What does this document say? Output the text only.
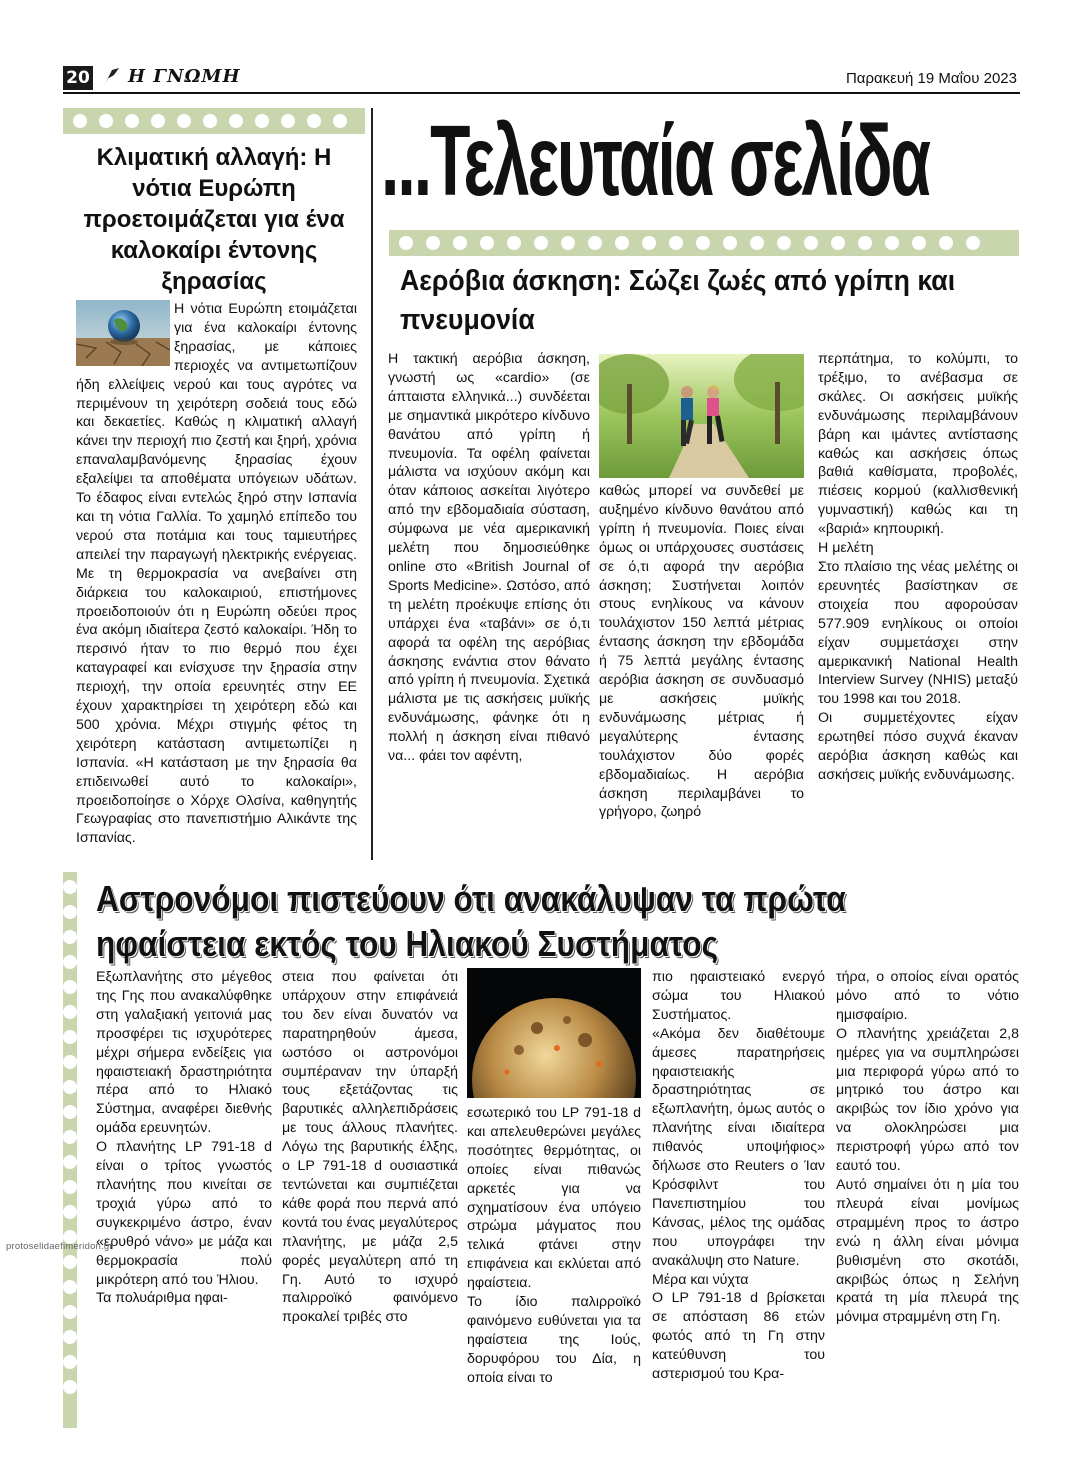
20 Η ΓΝΩΜΗ	Παρακευή 19 Μαΐου 2023
...Τελευταία σελίδα
Κλιματική αλλαγή: Η νότια Ευρώπη προετοιμάζεται για ένα καλοκαίρι έντονης ξηρασίας
Η νότια Ευρώπη ετοιμάζεται για ένα καλοκαίρι έντονης ξηρασίας, με κάποιες περιοχές να αντιμετωπίζουν ήδη ελλείψεις νερού και τους αγρότες να περιμένουν τη χειρότερη σοδειά τους εδώ και δεκαετίες. Καθώς η κλιματική αλλαγή κάνει την περιοχή πιο ζεστή και ξηρή, χρόνια επαναλαμβανόμενης ξηρασίας έχουν εξαλείψει τα αποθέματα υπόγειων υδάτων. Το έδαφος είναι εντελώς ξηρό στην Ισπανία και τη νότια Γαλλία. Το χαμηλό επίπεδο του νερού στα ποτάμια και τους ταμιευτήρες απειλεί την παραγωγή ηλεκτρικής ενέργειας. Με τη θερμοκρασία να ανεβαίνει στη διάρκεια του καλοκαιριού, επιστήμονες προειδοποιούν ότι η Ευρώπη οδεύει προς ένα ακόμη ιδιαίτερα ζεστό καλοκαίρι. Ήδη το περσινό ήταν το πιο θερμό που έχει καταγραφεί και ενίσχυσε την ξηρασία στην περιοχή, την οποία ερευνητές στην ΕΕ έχουν χαρακτηρίσει τη χειρότερη εδώ και 500 χρόνια. Μέχρι στιγμής φέτος τη χειρότερη κατάσταση αντιμετωπίζει η Ισπανία. «Η κατάσταση με την ξηρασία θα επιδεινωθεί αυτό το καλοκαίρι», προειδοποίησε ο Χόρχε Ολσίνα, καθηγητής Γεωγραφίας στο πανεπιστήμιο Αλικάντε της Ισπανίας.
Αερόβια άσκηση: Σώζει ζωές από γρίπη και πνευμονία
Η τακτική αερόβια άσκηση, γνωστή ως «cardio» (σε άπταιστα ελληνικά...) συνδέεται με σημαντικά μικρότερο κίνδυνο θανάτου από γρίπη ή πνευμονία. Τα οφέλη φαίνεται μάλιστα να ισχύουν ακόμη και όταν κάποιος ασκείται λιγότερο από την εβδομαδιαία σύσταση, σύμφωνα με νέα αμερικανική μελέτη που δημοσιεύθηκε online στο «British Journal of Sports Medicine». Ωστόσο, από τη μελέτη προέκυψε επίσης ότι υπάρχει ένα «ταβάνι» σε ό,τι αφορά τα οφέλη της αερόβιας άσκησης ενάντια στον θάνατο από γρίπη ή πνευμονία. Σχετικά μάλιστα με τις ασκήσεις μυϊκής ενδυνάμωσης, φάνηκε ότι η πολλή η άσκηση είναι πιθανό να... φάει τον αφέντη,
καθώς μπορεί να συνδεθεί με αυξημένο κίνδυνο θανάτου από γρίπη ή πνευμονία. Ποιες είναι όμως οι υπάρχουσες συστάσεις σε ό,τι αφορά την αερόβια άσκηση; Συστήνεται λοιπόν στους ενηλίκους να κάνουν τουλάχιστον 150 λεπτά μέτριας έντασης άσκηση την εβδομάδα ή 75 λεπτά μεγάλης έντασης αερόβια άσκηση σε συνδυασμό με ασκήσεις μυϊκής ενδυνάμωσης μέτριας ή μεγαλύτερης έντασης τουλάχιστον δύο φορές εβδομαδιαίως. Η αερόβια άσκηση περιλαμβάνει το γρήγορο, ζωηρό

περπάτημα, το κολύμπι, το τρέξιμο, το ανέβασμα σε σκάλες. Οι ασκήσεις μυϊκής ενδυνάμωσης περιλαμβάνουν βάρη και ιμάντες αντίστασης καθώς και ασκήσεις όπως βαθιά καθίσματα, προβολές, πιέσεις κορμού (καλλισθενική γυμναστική) καθώς και τη «βαριά» κηπουρική.

Η μελέτη

Στο πλαίσιο της νέας μελέτης οι ερευνητές βασίστηκαν σε στοιχεία που αφορούσαν 577.909 ενηλίκους οι οποίοι είχαν συμμετάσχει στην αμερικανική National Health Interview Survey (NHIS) μεταξύ του 1998 και του 2018.

Οι συμμετέχοντες είχαν ερωτηθεί πόσο συχνά έκαναν αερόβια άσκηση καθώς και ασκήσεις μυϊκής ενδυνάμωσης.

Αστρονόμοι πιστεύουν ότι ανακάλυψαν τα πρώτα
ηφαίστεια εκτός του Ηλιακού Συστήματος

Εξωπλανήτης στο μέγεθος της Γης που ανακαλύφθηκε στη γαλαξιακή γειτονιά μας προσφέρει τις ισχυρότερες μέχρι σήμερα ενδείξεις για ηφαιστειακή δραστηριότητα πέρα από το Ηλιακό Σύστημα, αναφέρει διεθνής ομάδα ερευνητών.

Ο πλανήτης LP 791-18 d είναι ο τρίτος γνωστός πλανήτης που κινείται σε τροχιά γύρω από το συγκεκριμένο άστρο, έναν «ερυθρό νάνο» με μάζα και θερμοκρασία πολύ μικρότερη από του Ήλιου.

Τα πολυάριθμα ηφαι-

στεια που φαίνεται ότι υπάρχουν στην επιφάνειά του δεν είναι δυνατόν να παρατηρηθούν άμεσα, ωστόσο οι αστρονόμοι συμπέραναν την ύπαρξή τους εξετάζοντας τις βαρυτικές αλληλεπιδράσεις με τους άλλους πλανήτες. Λόγω της βαρυτικής έλξης, ο LP 791-18 d ουσιαστικά τεντώνεται και συμπιέζεται κάθε φορά που περνά από κοντά του ένας μεγαλύτερος πλανήτης, με μάζα 2,5 φορές μεγαλύτερη από τη Γη. Αυτό το ισχυρό παλιρροϊκό φαινόμενο προκαλεί τριβές στο

εσωτερικό του LP 791-18 d και απελευθερώνει μεγάλες ποσότητες θερμότητας, οι οποίες είναι πιθανώς αρκετές για να σχηματίσουν ένα υπόγειο στρώμα μάγματος που τελικά φτάνει στην επιφάνεια και εκλύεται από ηφαίστεια.

Το ίδιο παλιρροϊκό φαινόμενο ευθύνεται για τα ηφαίστεια της Ιούς, δορυφόρου του Δία, η οποία είναι το

πιο ηφαιστειακό ενεργό σώμα του Ηλιακού Συστήματος.

«Ακόμα δεν διαθέτουμε άμεσες παρατηρήσεις ηφαιστειακής δραστηριότητας σε εξωπλανήτη, όμως αυτός ο πλανήτης είναι ιδιαίτερα πιθανός υποψήφιος» δήλωσε στο Reuters ο Ίαν Κρόσφιλντ του Πανεπιστημίου του Κάνσας, μέλος της ομάδας που υπογράφει την ανακάλυψη στο Nature.

Μέρα και νύχτα

Ο LP 791-18 d βρίσκεται σε απόσταση 86 ετών φωτός από τη Γη στην κατεύθυνση του αστερισμού του Κρα-

τήρα, ο οποίος είναι ορατός μόνο από το νότιο ημισφαίριο.

Ο πλανήτης χρειάζεται 2,8 ημέρες για να συμπληρώσει μια περιφορά γύρω από το μητρικό του άστρο και ακριβώς τον ίδιο χρόνο για να ολοκληρώσει μια περιστροφή γύρω από τον εαυτό του.

Αυτό σημαίνει ότι η μία του πλευρά είναι μονίμως στραμμένη προς το άστρο ενώ η άλλη είναι μόνιμα βυθισμένη στο σκοτάδι, ακριβώς όπως η Σελήνη κρατά τη μία πλευρά της μόνιμα στραμμένη στη Γη.

protoselidaefimeridon.gr
